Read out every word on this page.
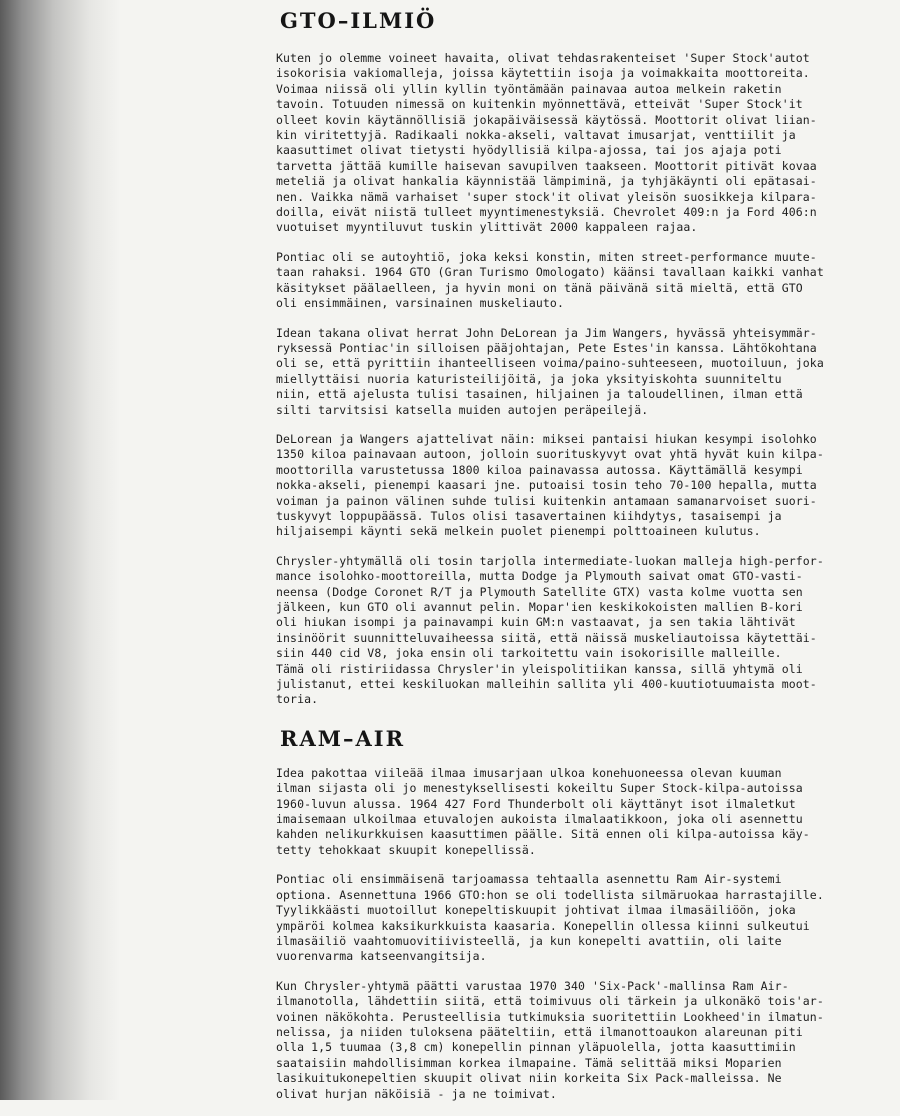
GTO–ILMIÖ
Kuten jo olemme voineet havaita, olivat tehdasrakenteiset 'Super Stock'autot
isokorisia vakiomalleja, joissa käytettiin isoja ja voimakkaita moottoreita.
Voimaa niissä oli yllin kyllin työntämään painavaa autoa melkein raketin
tavoin. Totuuden nimessä on kuitenkin myönnettävä, etteivät 'Super Stock'it
olleet kovin käytännöllisiä jokapäiväisessä käytössä. Moottorit olivat liian-
kin viritettyjä. Radikaali nokka-akseli, valtavat imusarjat, venttiilit ja
kaasuttimet olivat tietysti hyödyllisiä kilpa-ajossa, tai jos ajaja poti
tarvetta jättää kumille haisevan savupilven taakseen. Moottorit pitivät kovaa
meteliä ja olivat hankalia käynnistää lämpiminä, ja tyhjäkäynti oli epätasai-
nen. Vaikka nämä varhaiset 'super stock'it olivat yleisön suosikkeja kilpara-
doilla, eivät niistä tulleet myyntimenestyksiä. Chevrolet 409:n ja Ford 406:n
vuotuiset myyntiluvut tuskin ylittivät 2000 kappaleen rajaa.
Pontiac oli se autoyhtiö, joka keksi konstin, miten street-performance muute-
taan rahaksi. 1964 GTO (Gran Turismo Omologato) käänsi tavallaan kaikki vanhat
käsitykset päälaelleen, ja hyvin moni on tänä päivänä sitä mieltä, että GTO
oli ensimmäinen, varsinainen muskeliauto.
Idean takana olivat herrat John DeLorean ja Jim Wangers, hyvässä yhteisymmär-
ryksessä Pontiac'in silloisen pääjohtajan, Pete Estes'in kanssa. Lähtökohtana
oli se, että pyrittiin ihanteelliseen voima/paino-suhteeseen, muotoiluun, joka
miellyttäisi nuoria katuristeilijöitä, ja joka yksityiskohta suunniteltu
niin, että ajelusta tulisi tasainen, hiljainen ja taloudellinen, ilman että
silti tarvitsisi katsella muiden autojen peräpeilejä.
DeLorean ja Wangers ajattelivat näin: miksei pantaisi hiukan kesympi isolohko
1350 kiloa painavaan autoon, jolloin suorituskyvyt ovat yhtä hyvät kuin kilpa-
moottorilla varustetussa 1800 kiloa painavassa autossa. Käyttämällä kesympi
nokka-akseli, pienempi kaasari jne. putoaisi tosin teho 70-100 hepalla, mutta
voiman ja painon välinen suhde tulisi kuitenkin antamaan samanarvoiset suori-
tuskyvyt loppupäässä. Tulos olisi tasavertainen kiihdytys, tasaisempi ja
hiljaisempi käynti sekä melkein puolet pienempi polttoaineen kulutus.
Chrysler-yhtymällä oli tosin tarjolla intermediate-luokan malleja high-perfor-
mance isolohko-moottoreilla, mutta Dodge ja Plymouth saivat omat GTO-vasti-
neensa (Dodge Coronet R/T ja Plymouth Satellite GTX) vasta kolme vuotta sen
jälkeen, kun GTO oli avannut pelin. Mopar'ien keskikokoisten mallien B-kori
oli hiukan isompi ja painavampi kuin GM:n vastaavat, ja sen takia lähtivät
insinöörit suunnitteluvaiheessa siitä, että näissä muskeliautoissa käytettäi-
siin 440 cid V8, joka ensin oli tarkoitettu vain isokorisille malleille.
Tämä oli ristiriidassa Chrysler'in yleispolitiikan kanssa, sillä yhtymä oli
julistanut, ettei keskiluokan malleihin sallita yli 400-kuutiotuumaista moot-
toria.
RAM–AIR
Idea pakottaa viileää ilmaa imusarjaan ulkoa konehuoneessa olevan kuuman
ilman sijasta oli jo menestyksellisesti kokeiltu Super Stock-kilpa-autoissa
1960-luvun alussa. 1964 427 Ford Thunderbolt oli käyttänyt isot ilmaletkut
imaisemaan ulkoilmaa etuvalojen aukoista ilmalaatikkoon, joka oli asennettu
kahden nelikurkkuisen kaasuttimen päälle. Sitä ennen oli kilpa-autoissa käy-
tetty tehokkaat skuupit konepellissä.
Pontiac oli ensimmäisenä tarjoamassa tehtaalla asennettu Ram Air-systemi
optiona. Asennettuna 1966 GTO:hon se oli todellista silmäruokaa harrastajille.
Tyylikkäästi muotoillut konepeltiskuupit johtivat ilmaa ilmasäiliöön, joka
ympäröi kolmea kaksikurkkuista kaasaria. Konepellin ollessa kiinni sulkeutui
ilmasäiliö vaahtomuovitiivisteellä, ja kun konepelti avattiin, oli laite
vuorenvarma katseenvangitsija.
Kun Chrysler-yhtymä päätti varustaa 1970 340 'Six-Pack'-mallinsa Ram Air-
ilmanotolla, lähdettiin siitä, että toimivuus oli tärkein ja ulkonäkö tois'ar-
voinen näkökohta. Perusteellisia tutkimuksia suoritettiin Lookheed'in ilmatun-
nelissa, ja niiden tuloksena pääteltiin, että ilmanottoaukon alareunan piti
olla 1,5 tuumaa (3,8 cm) konepellin pinnan yläpuolella, jotta kaasuttimiin
saataisiin mahdollisimman korkea ilmapaine. Tämä selittää miksi Moparien
lasikuitukonepeltien skuupit olivat niin korkeita Six Pack-malleissa. Ne
olivat hurjan näköisiä - ja ne toimivat.
